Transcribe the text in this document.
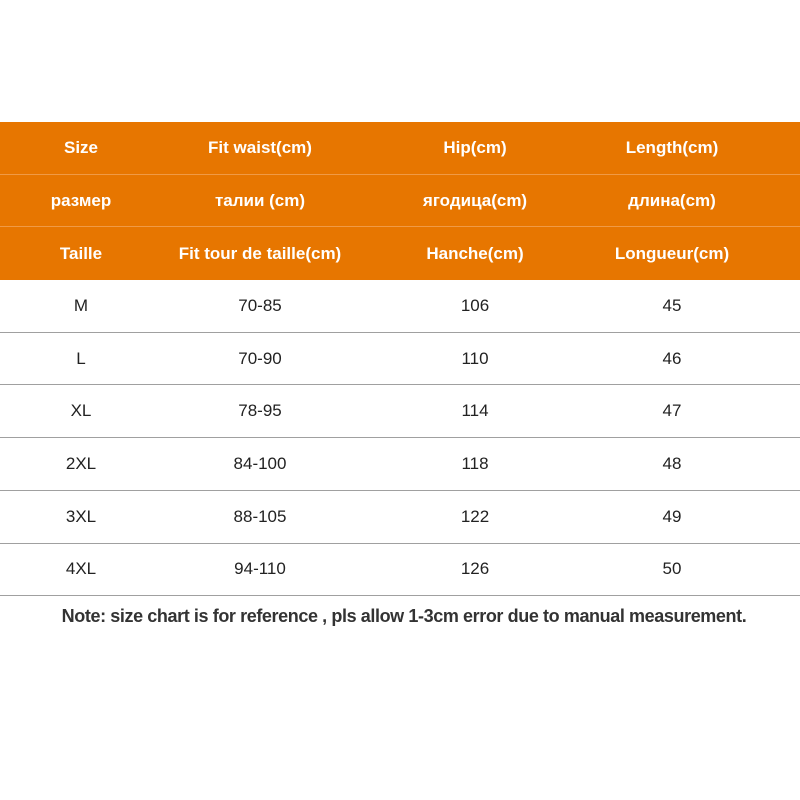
Size	Fit waist(cm)	Hip(cm)	Length(cm)
размер	талии (cm)	ягодица(cm)	длина(cm)
Taille	Fit tour de taille(cm)	Hanche(cm)	Longueur(cm)
M	70-85	106	45
L	70-90	110	46
XL	78-95	114	47
2XL	84-100	118	48
3XL	88-105	122	49
4XL	94-110	126	50
Note: size chart is for reference , pls allow 1-3cm error due to manual measurement.
